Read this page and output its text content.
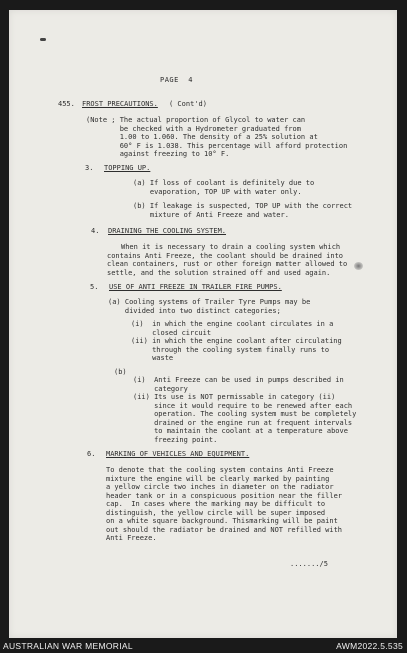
PAGE  4
455. FROST PRECAUTIONS. ( Cont'd)
(Note ; The actual proportion of Glycol to water can
be checked with a Hydrometer graduated from
1.00 to 1.060. The density of a 25% solution at
60° F is 1.038. This percentage will afford protection
against freezing to 10° F.
3. TOPPING UP.
(a) If loss of coolant is definitely due to
evaporation, TOP UP with water only.
(b) If leakage is suspected, TOP UP with the correct
mixture of Anti Freeze and water.
4. DRAINING THE COOLING SYSTEM.
When it is necessary to drain a cooling system which
contains Anti Freeze, the coolant should be drained into
clean containers, rust or other foreign matter allowed to
settle, and the solution strained off and used again.
5. USE OF ANTI FREEZE IN TRAILER FIRE PUMPS.
(a) Cooling systems of Trailer Tyre Pumps may be
divided into two distinct categories;
(i)  in which the engine coolant circulates in a
closed circuit
(ii) in which the engine coolant after circulating
through the cooling system finally runs to
waste
(b)
(i)  Anti Freeze can be used in pumps described in
category
(ii) Its use is NOT permissable in category (ii)
since it would require to be renewed after each
operation. The cooling system must be completely
drained or the engine run at frequent intervals
to maintain the coolant at a temperature above
freezing point.
6. MARKING OF VEHICLES AND EQUIPMENT.
To denote that the cooling system contains Anti Freeze
mixture the engine will be clearly marked by painting
a yellow circle two inches in diameter on the radiator
header tank or in a conspicuous position near the filler
cap.  In cases where the marking may be difficult to
distinguish, the yellow circle will be super imposed
on a white square background. Thismarking will be paint
out should the radiator be drained and NOT refilled with
Anti Freeze.
......./5
AUSTRALIAN WAR MEMORIAL	AWM2022.5.535
